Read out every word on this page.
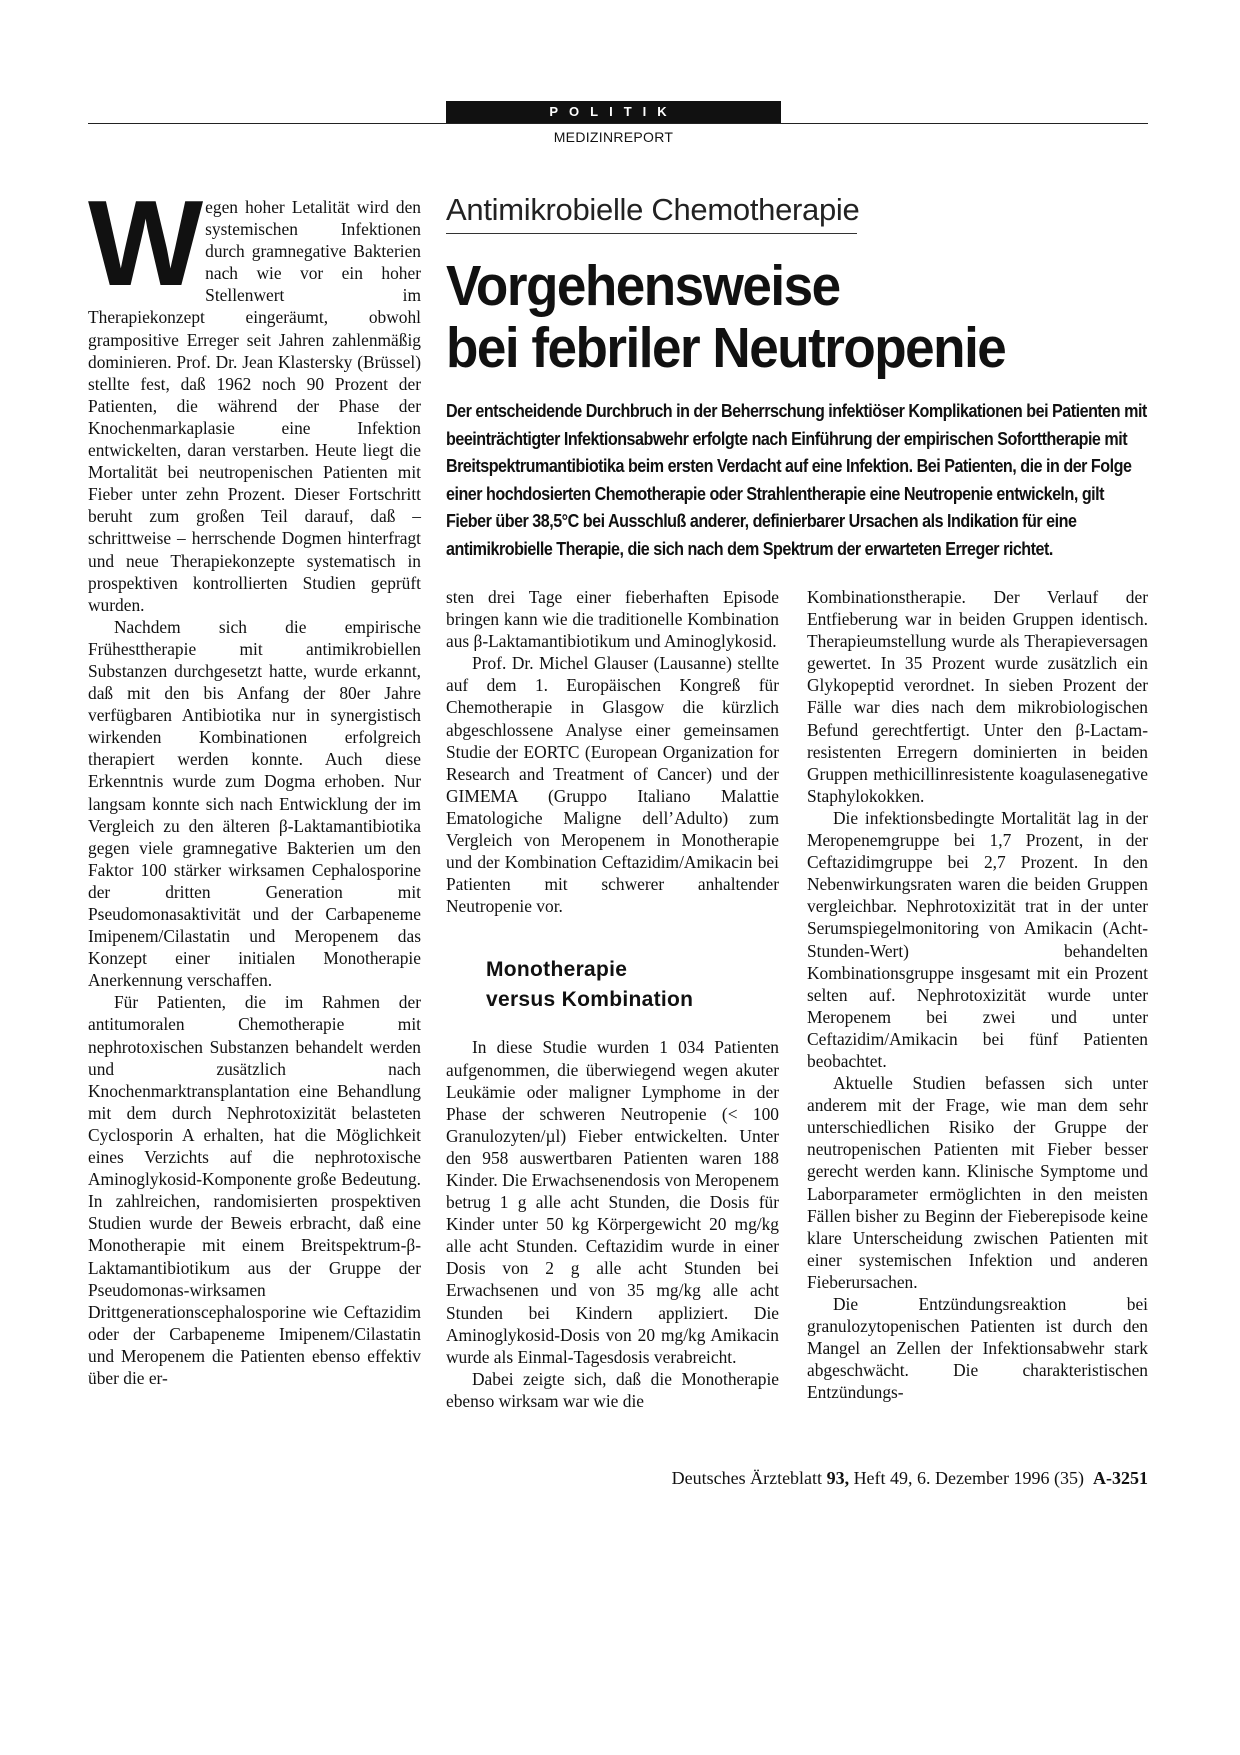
POLITIK
MEDIZINREPORT

Wegen hoher Letalität wird den systemischen Infektionen durch gramnegative Bakterien nach wie vor ein hoher Stellenwert im Therapiekonzept eingeräumt, obwohl grampositive Erreger seit Jahren zahlenmäßig dominieren. Prof. Dr. Jean Klastersky (Brüssel) stellte fest, daß 1962 noch 90 Prozent der Patienten, die während der Phase der Knochenmarkaplasie eine Infektion entwickelten, daran verstarben. Heute liegt die Mortalität bei neutropenischen Patienten mit Fieber unter zehn Prozent. Dieser Fortschritt beruht zum großen Teil darauf, daß – schrittweise – herrschende Dogmen hinterfragt und neue Therapiekonzepte systematisch in prospektiven kontrollierten Studien geprüft wurden.

Nachdem sich die empirische Frühesttherapie mit antimikrobiellen Substanzen durchgesetzt hatte, wurde erkannt, daß mit den bis Anfang der 80er Jahre verfügbaren Antibiotika nur in synergistisch wirkenden Kombinationen erfolgreich therapiert werden konnte. Auch diese Erkenntnis wurde zum Dogma erhoben. Nur langsam konnte sich nach Entwicklung der im Vergleich zu den älteren β-Laktamantibiotika gegen viele gramnegative Bakterien um den Faktor 100 stärker wirksamen Cephalosporine der dritten Generation mit Pseudomonasaktivität und der Carbapeneme Imipenem/Cilastatin und Meropenem das Konzept einer initialen Monotherapie Anerkennung verschaffen.

Für Patienten, die im Rahmen der antitumoralen Chemotherapie mit nephrotoxischen Substanzen behandelt werden und zusätzlich nach Knochenmarktransplantation eine Behandlung mit dem durch Nephrotoxizität belasteten Cyclosporin A erhalten, hat die Möglichkeit eines Verzichts auf die nephrotoxische Aminoglykosid-Komponente große Bedeutung. In zahlreichen, randomisierten prospektiven Studien wurde der Beweis erbracht, daß eine Monotherapie mit einem Breitspektrum-β-Laktamantibiotikum aus der Gruppe der Pseudomonas-wirksamen Drittgenerationscephalosporine wie Ceftazidim oder der Carbapeneme Imipenem/Cilastatin und Meropenem die Patienten ebenso effektiv über die er-

Antimikrobielle Chemotherapie
Vorgehensweise
bei febriler Neutropenie
Der entscheidende Durchbruch in der Beherrschung infektiöser Komplikationen bei Patienten mit beeinträchtigter Infektionsabwehr erfolgte nach Einführung der empirischen Soforttherapie mit Breitspektrumantibiotika beim ersten Verdacht auf eine Infektion. Bei Patienten, die in der Folge einer hochdosierten Chemotherapie oder Strahlentherapie eine Neutropenie entwickeln, gilt Fieber über 38,5°C bei Ausschluß anderer, definierbarer Ursachen als Indikation für eine antimikrobielle Therapie, die sich nach dem Spektrum der erwarteten Erreger richtet.

sten drei Tage einer fieberhaften Episode bringen kann wie die traditionelle Kombination aus β-Laktamantibiotikum und Aminoglykosid.

Prof. Dr. Michel Glauser (Lausanne) stellte auf dem 1. Europäischen Kongreß für Chemotherapie in Glasgow die kürzlich abgeschlossene Analyse einer gemeinsamen Studie der EORTC (European Organization for Research and Treatment of Cancer) und der GIMEMA (Gruppo Italiano Malattie Ematologiche Maligne dell’Adulto) zum Vergleich von Meropenem in Monotherapie und der Kombination Ceftazidim/Amikacin bei Patienten mit schwerer anhaltender Neutropenie vor.

Monotherapie
versus Kombination

In diese Studie wurden 1 034 Patienten aufgenommen, die überwiegend wegen akuter Leukämie oder maligner Lymphome in der Phase der schweren Neutropenie (< 100 Granulozyten/µl) Fieber entwickelten. Unter den 958 auswertbaren Patienten waren 188 Kinder. Die Erwachsenendosis von Meropenem betrug 1 g alle acht Stunden, die Dosis für Kinder unter 50 kg Körpergewicht 20 mg/kg alle acht Stunden. Ceftazidim wurde in einer Dosis von 2 g alle acht Stunden bei Erwachsenen und von 35 mg/kg alle acht Stunden bei Kindern appliziert. Die Aminoglykosid-Dosis von 20 mg/kg Amikacin wurde als Einmal-Tagesdosis verabreicht.

Dabei zeigte sich, daß die Monotherapie ebenso wirksam war wie die

Kombinationstherapie. Der Verlauf der Entfieberung war in beiden Gruppen identisch. Therapieumstellung wurde als Therapieversagen gewertet. In 35 Prozent wurde zusätzlich ein Glykopeptid verordnet. In sieben Prozent der Fälle war dies nach dem mikrobiologischen Befund gerechtfertigt. Unter den β-Lactam-resistenten Erregern dominierten in beiden Gruppen methicillinresistente koagulasenegative Staphylokokken.

Die infektionsbedingte Mortalität lag in der Meropenemgruppe bei 1,7 Prozent, in der Ceftazidimgruppe bei 2,7 Prozent. In den Nebenwirkungsraten waren die beiden Gruppen vergleichbar. Nephrotoxizität trat in der unter Serumspiegelmonitoring von Amikacin (Acht-Stunden-Wert) behandelten Kombinationsgruppe insgesamt mit ein Prozent selten auf. Nephrotoxizität wurde unter Meropenem bei zwei und unter Ceftazidim/Amikacin bei fünf Patienten beobachtet.

Aktuelle Studien befassen sich unter anderem mit der Frage, wie man dem sehr unterschiedlichen Risiko der Gruppe der neutropenischen Patienten mit Fieber besser gerecht werden kann. Klinische Symptome und Laborparameter ermöglichten in den meisten Fällen bisher zu Beginn der Fieberepisode keine klare Unterscheidung zwischen Patienten mit einer systemischen Infektion und anderen Fieberursachen.

Die Entzündungsreaktion bei granulozytopenischen Patienten ist durch den Mangel an Zellen der Infektionsabwehr stark abgeschwächt. Die charakteristischen Entzündungs-

Deutsches Ärzteblatt 93, Heft 49, 6. Dezember 1996 (35) A-3251
